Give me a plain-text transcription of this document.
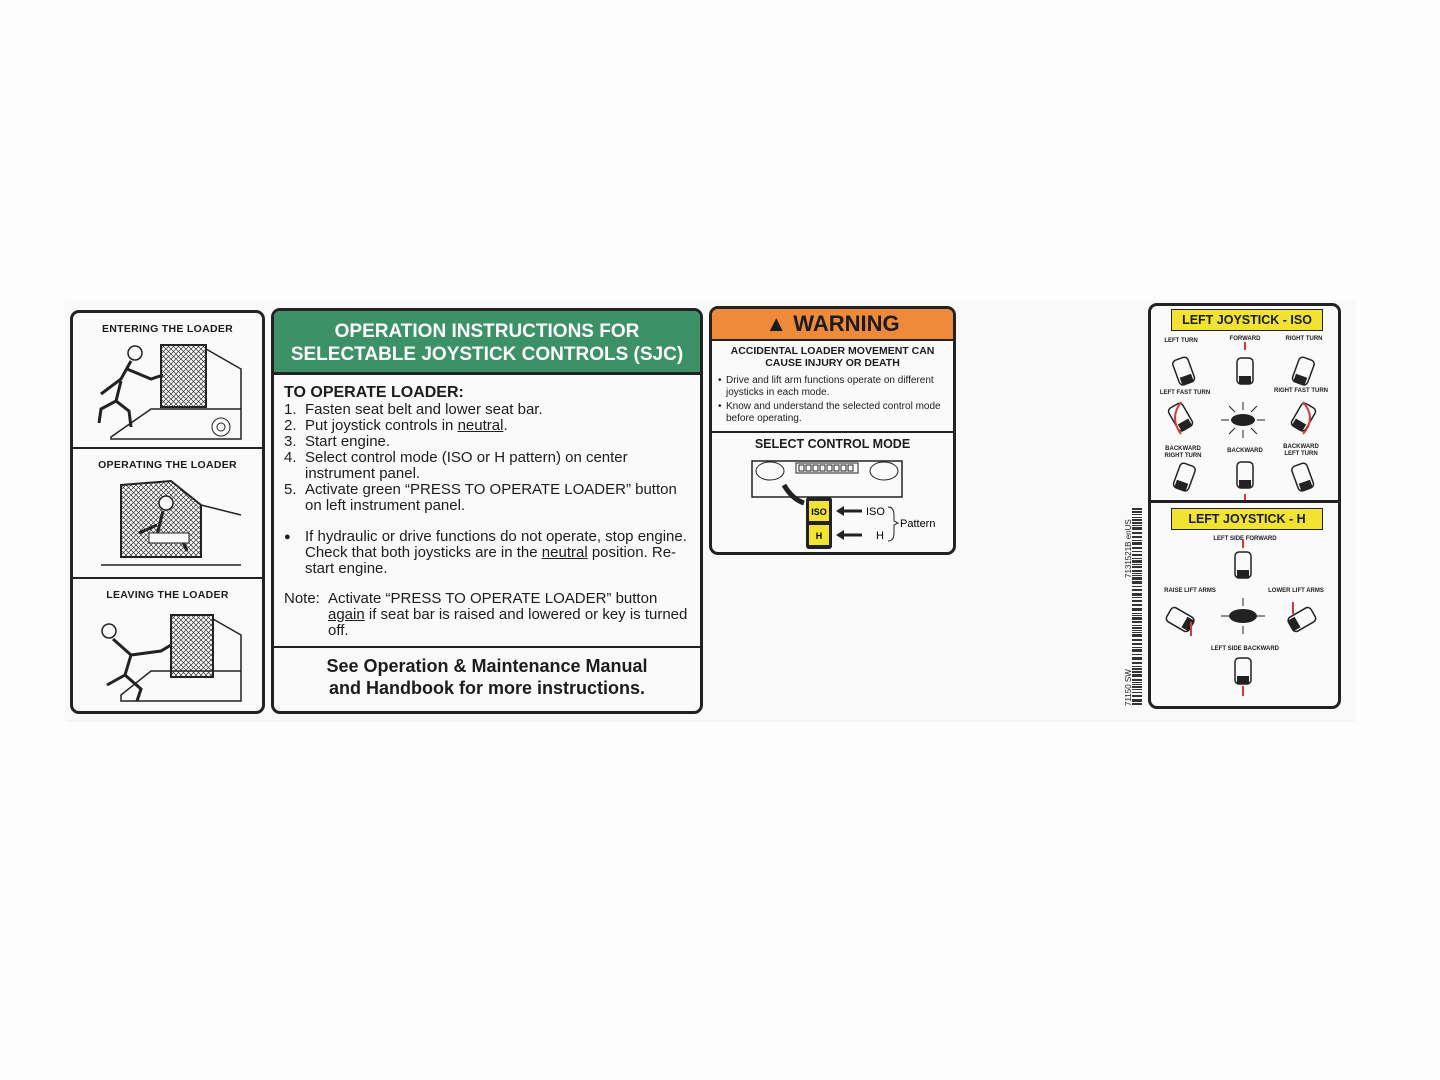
ENTERING THE LOADER
OPERATING THE LOADER
LEAVING THE LOADER
OPERATION INSTRUCTIONS FOR
SELECTABLE JOYSTICK CONTROLS (SJC)
TO OPERATE LOADER:
1. Fasten seat belt and lower seat bar.
2. Put joystick controls in neutral.
3. Start engine.
4. Select control mode (ISO or H pattern) on center instrument panel.
5. Activate green “PRESS TO OPERATE LOADER” button on left instrument panel.
● If hydraulic or drive functions do not operate, stop engine. Check that both joysticks are in the neutral position. Re-start engine.
Note: Activate “PRESS TO OPERATE LOADER” button again if seat bar is raised and lowered or key is turned off.
See Operation & Maintenance Manual
and Handbook for more instructions.
▲ WARNING
ACCIDENTAL LOADER MOVEMENT CAN
CAUSE INJURY OR DEATH
• Drive and lift arm functions operate on different joysticks in each mode.
• Know and understand the selected control mode before operating.
SELECT CONTROL MODE
ISO
H
ISO
H
Pattern	7131521B enUS
71150 SW
LEFT JOYSTICK - ISO
LEFT TURN	FORWARD	RIGHT TURN
LEFT FAST TURN	RIGHT FAST TURN
BACKWARD
RIGHT TURN
BACKWARD
BACKWARD
LEFT TURN
LEFT JOYSTICK - H
LEFT SIDE FORWARD
RAISE LIFT ARMS	LOWER LIFT ARMS
LEFT SIDE BACKWARD
